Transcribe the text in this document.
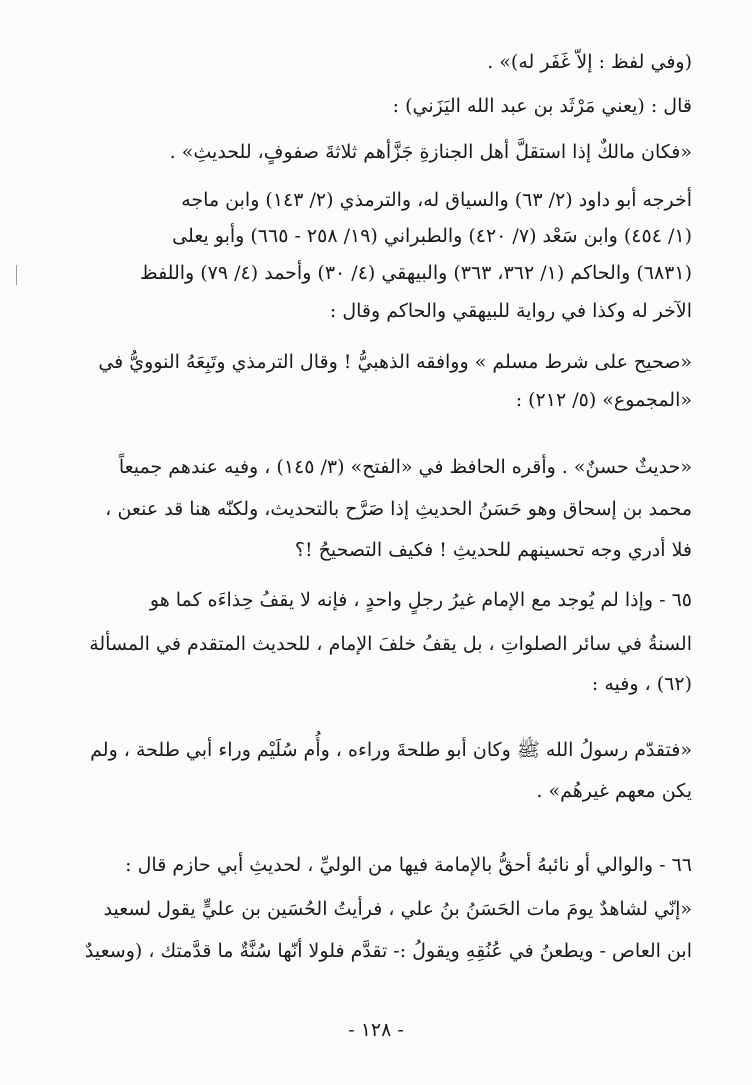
(وفي لفظ : إلاّ غَفَر له)» .
قال : (يعني مَرْثَد بن عبد الله اليَزَني) :
«فكان مالكٌ إذا استقلَّ أهل الجنازةِ جَزَّأهم ثلاثةَ صفوفٍ، للحديثِ» .
أخرجه أبو داود (٢/ ٦٣) والسياق له، والترمذي (٢/ ١٤٣) وابن ماجه
(١/ ٤٥٤) وابن سَعْد (٧/ ٤٢٠) والطبراني (١٩/ ٢٥٨ - ٦٦٥) وأبو يعلى
(٦٨٣١) والحاكم (١/ ٣٦٢، ٣٦٣) والبيهقي (٤/ ٣٠) وأحمد (٤/ ٧٩) واللفظ
الآخر له وكذا في رواية للبيهقي والحاكم وقال :
«صحيح على شرط مسلم » ووافقه الذهبيُّ ! وقال الترمذي وتَبِعَهُ النوويُّ في
«المجموع» (٥/ ٢١٢) :
«حديثٌ حسنٌ» . وأقره الحافظ في «الفتح» (٣/ ١٤٥) ، وفيه عندهم جميعاً
محمد بن إسحاق وهو حَسَنُ الحديثِ إذا صَرَّح بالتحديث، ولكنّه هنا قد عنعن ،
فلا أدري وجه تحسينهم للحديثِ ! فكيف التصحيحُ !؟
٦٥ - وإذا لم يُوجد مع الإمام غيرُ رجلٍ واحدٍ ، فإنه لا يقفُ حِذاءَه كما هو
السنةُ في سائر الصلواتِ ، بل يقفُ خلفَ الإمام ، للحديث المتقدم في المسألة
(٦٢) ، وفيه :
«فتقدّم رسولُ الله ﷺ وكان أبو طلحةَ وراءه ، وأُم سُلَيْم وراء أبي طلحة ، ولم
يكن معهم غيرهُم» .
٦٦ - والوالي أو نائبهُ أحقُّ بالإمامة فيها من الوليِّ ، لحديثِ أبي حازم قال :
«إنّي لشاهدٌ يومَ مات الحَسَنُ بنُ علي ، فرأيتُ الحُسَين بن عليٍّ يقول لسعيد
ابن العاص - ويطعنُ في عُنُقِهِ ويقولُ :- تقدَّم فلولا أنّها سُنَّةٌ ما قدَّمتك ، (وسعيدٌ
- ١٢٨ -
